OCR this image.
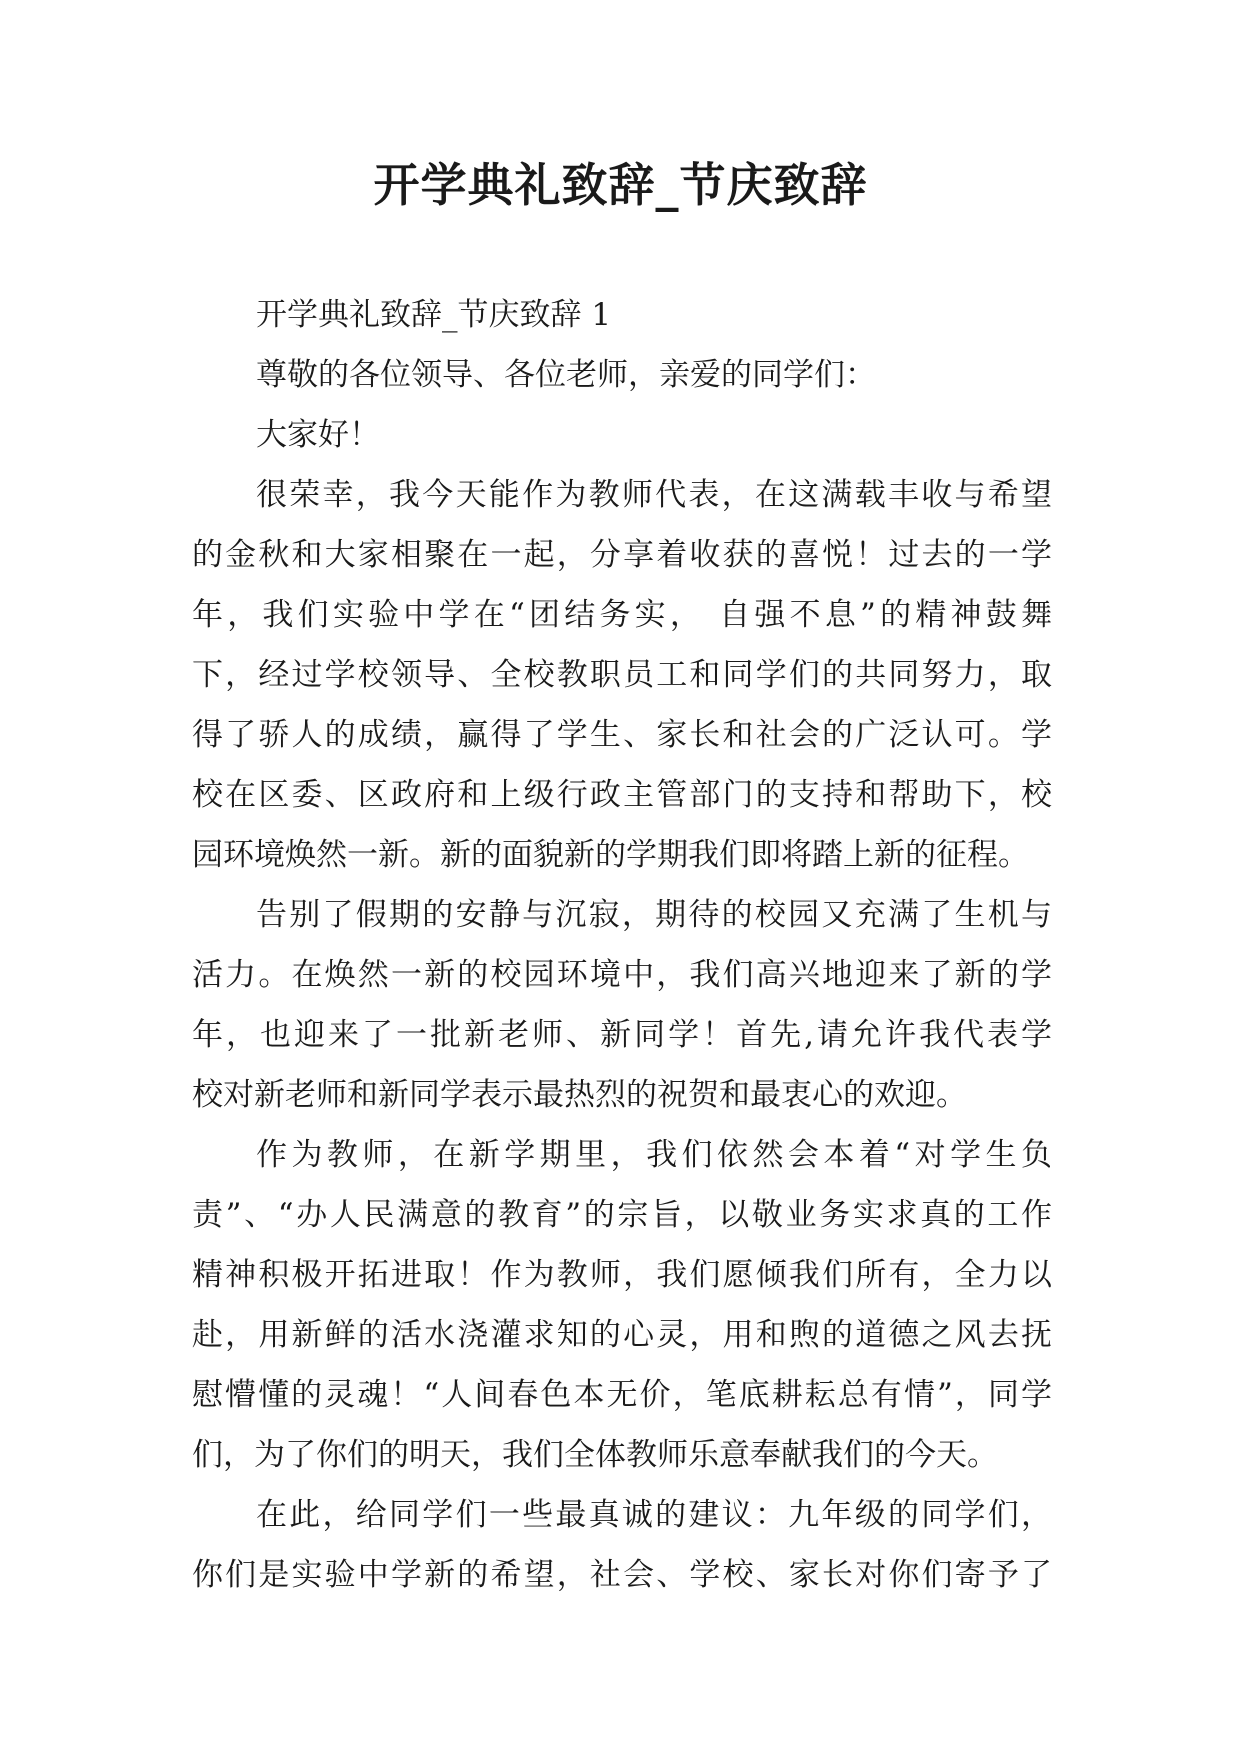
开学典礼致辞_节庆致辞
开学典礼致辞_节庆致辞 1
尊敬的各位领导、各位老师，亲爱的同学们：
大家好！
很荣幸，我今天能作为教师代表，在这满载丰收与希望
的金秋和大家相聚在一起，分享着收获的喜悦！过去的一学
年，我们实验中学在“团结务实， 自强不息”的精神鼓舞
下，经过学校领导、全校教职员工和同学们的共同努力，取
得了骄人的成绩，赢得了学生、家长和社会的广泛认可。学
校在区委、区政府和上级行政主管部门的支持和帮助下，校
园环境焕然一新。新的面貌新的学期我们即将踏上新的征程。
告别了假期的安静与沉寂，期待的校园又充满了生机与
活力。在焕然一新的校园环境中，我们高兴地迎来了新的学
年，也迎来了一批新老师、新同学！首先,请允许我代表学
校对新老师和新同学表示最热烈的祝贺和最衷心的欢迎。
作为教师，在新学期里，我们依然会本着“对学生负
责”、“办人民满意的教育”的宗旨，以敬业务实求真的工作
精神积极开拓进取！作为教师，我们愿倾我们所有，全力以
赴，用新鲜的活水浇灌求知的心灵，用和煦的道德之风去抚
慰懵懂的灵魂！“人间春色本无价，笔底耕耘总有情”，同学
们，为了你们的明天，我们全体教师乐意奉献我们的今天。
在此，给同学们一些最真诚的建议：九年级的同学们，
你们是实验中学新的希望，社会、学校、家长对你们寄予了
